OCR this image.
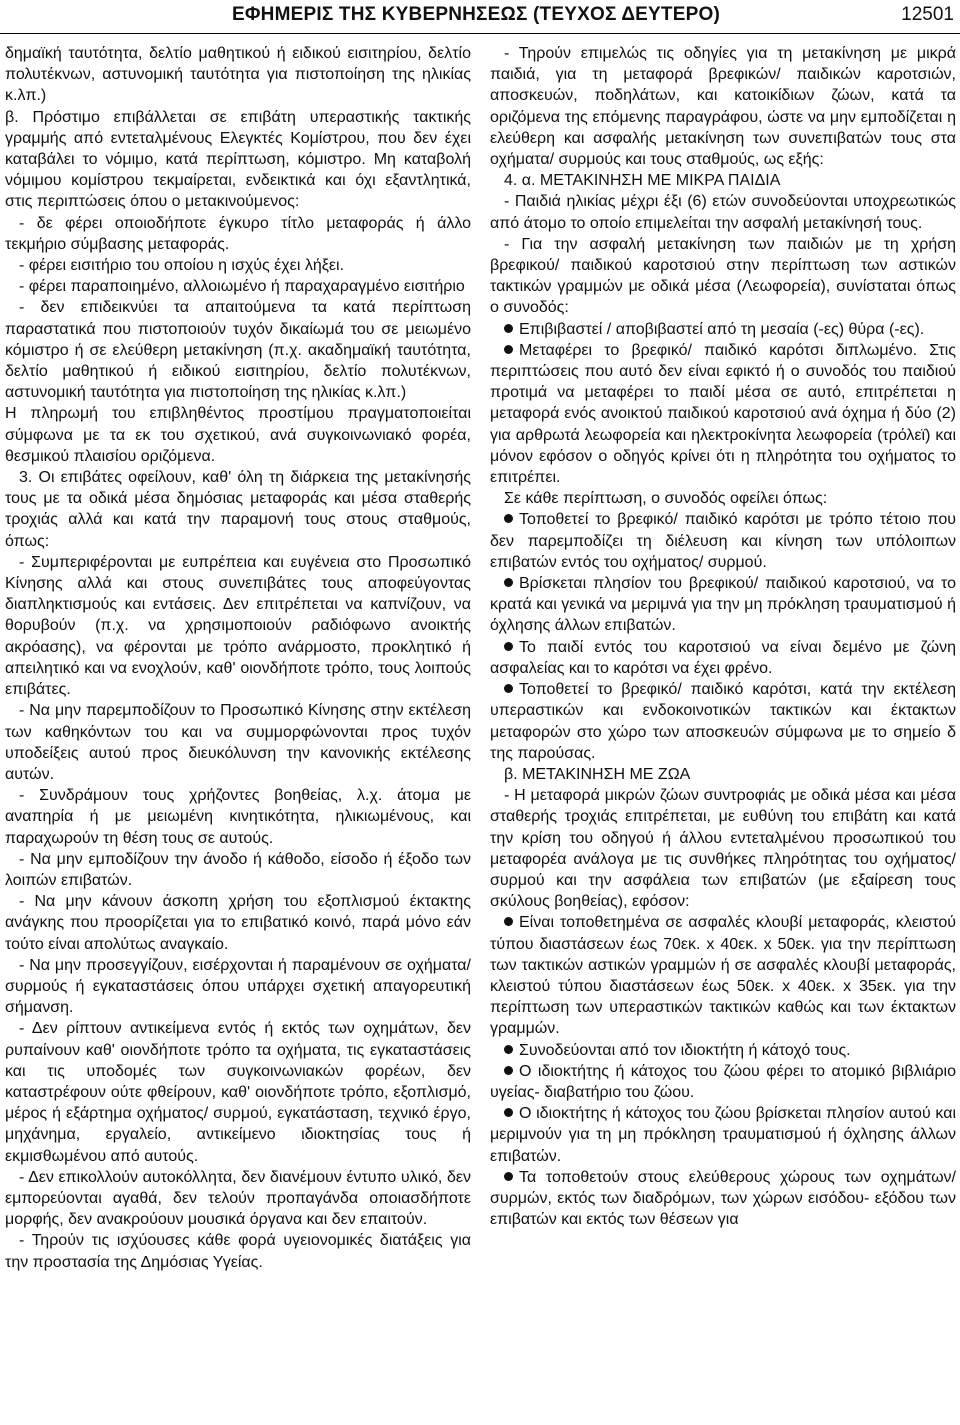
ΕΦΗΜΕΡΙΣ ΤΗΣ ΚΥΒΕΡΝΗΣΕΩΣ (ΤΕΥΧΟΣ ΔΕΥΤΕΡΟ)	12501

δημαϊκή ταυτότητα, δελτίο μαθητικού ή ειδικού εισιτηρίου, δελτίο πολυτέκνων, αστυνομική ταυτότητα για πιστοποίηση της ηλικίας κ.λπ.)

β. Πρόστιμο επιβάλλεται σε επιβάτη υπεραστικής τακτικής γραμμής από εντεταλμένους Ελεγκτές Κομίστρου, που δεν έχει καταβάλει το νόμιμο, κατά περίπτωση, κόμιστρο. Μη καταβολή νόμιμου κομίστρου τεκμαίρεται, ενδεικτικά και όχι εξαντλητικά, στις περιπτώσεις όπου ο μετακινούμενος:

- δε φέρει οποιοδήποτε έγκυρο τίτλο μεταφοράς ή άλλο τεκμήριο σύμβασης μεταφοράς.

- φέρει εισιτήριο του οποίου η ισχύς έχει λήξει.

- φέρει παραποιημένο, αλλοιωμένο ή παραχαραγμένο εισιτήριο

- δεν επιδεικνύει τα απαιτούμενα τα κατά περίπτωση παραστατικά που πιστοποιούν τυχόν δικαίωμά του σε μειωμένο κόμιστρο ή σε ελεύθερη μετακίνηση (π.χ. ακαδημαϊκή ταυτότητα, δελτίο μαθητικού ή ειδικού εισιτηρίου, δελτίο πολυτέκνων, αστυνομική ταυτότητα για πιστοποίηση της ηλικίας κ.λπ.)

Η πληρωμή του επιβληθέντος προστίμου πραγματοποιείται σύμφωνα με τα εκ του σχετικού, ανά συγκοινωνιακό φορέα, θεσμικού πλαισίου οριζόμενα.

3. Οι επιβάτες οφείλουν, καθ' όλη τη διάρκεια της μετακίνησής τους με τα οδικά μέσα δημόσιας μεταφοράς και μέσα σταθερής τροχιάς αλλά και κατά την παραμονή τους στους σταθμούς, όπως:

- Συμπεριφέρονται με ευπρέπεια και ευγένεια στο Προσωπικό Κίνησης αλλά και στους συνεπιβάτες τους αποφεύγοντας διαπληκτισμούς και εντάσεις. Δεν επιτρέπεται να καπνίζουν, να θορυβούν (π.χ. να χρησιμοποιούν ραδιόφωνο ανοικτής ακρόασης), να φέρονται με τρόπο ανάρμοστο, προκλητικό ή απειλητικό και να ενοχλούν, καθ' οιονδήποτε τρόπο, τους λοιπούς επιβάτες.

- Να μην παρεμποδίζουν το Προσωπικό Κίνησης στην εκτέλεση των καθηκόντων του και να συμμορφώνονται προς τυχόν υποδείξεις αυτού προς διευκόλυνση την κανονικής εκτέλεσης αυτών.

- Συνδράμουν τους χρήζοντες βοηθείας, λ.χ. άτομα με αναπηρία ή με μειωμένη κινητικότητα, ηλικιωμένους, και παραχωρούν τη θέση τους σε αυτούς.

- Να μην εμποδίζουν την άνοδο ή κάθοδο, είσοδο ή έξοδο των λοιπών επιβατών.

- Να μην κάνουν άσκοπη χρήση του εξοπλισμού έκτακτης ανάγκης που προορίζεται για το επιβατικό κοινό, παρά μόνο εάν τούτο είναι απολύτως αναγκαίο.

- Να μην προσεγγίζουν, εισέρχονται ή παραμένουν σε οχήματα/ συρμούς ή εγκαταστάσεις όπου υπάρχει σχετική απαγορευτική σήμανση.

- Δεν ρίπτουν αντικείμενα εντός ή εκτός των οχημάτων, δεν ρυπαίνουν καθ' οιονδήποτε τρόπο τα οχήματα, τις εγκαταστάσεις και τις υποδομές των συγκοινωνιακών φορέων, δεν καταστρέφουν ούτε φθείρουν, καθ' οιονδήποτε τρόπο, εξοπλισμό, μέρος ή εξάρτημα οχήματος/ συρμού, εγκατάσταση, τεχνικό έργο, μηχάνημα, εργαλείο, αντικείμενο ιδιοκτησίας τους ή εκμισθωμένου από αυτούς.

- Δεν επικολλούν αυτοκόλλητα, δεν διανέμουν έντυπο υλικό, δεν εμπορεύονται αγαθά, δεν τελούν προπαγάνδα οποιασδήποτε μορφής, δεν ανακρούουν μουσικά όργανα και δεν επαιτούν.

- Τηρούν τις ισχύουσες κάθε φορά υγειονομικές διατάξεις για την προστασία της Δημόσιας Υγείας.

- Τηρούν επιμελώς τις οδηγίες για τη μετακίνηση με μικρά παιδιά, για τη μεταφορά βρεφικών/ παιδικών καροτσιών, αποσκευών, ποδηλάτων, και κατοικίδιων ζώων, κατά τα οριζόμενα της επόμενης παραγράφου, ώστε να μην εμποδίζεται η ελεύθερη και ασφαλής μετακίνηση των συνεπιβατών τους στα οχήματα/ συρμούς και τους σταθμούς, ως εξής:

4. α. ΜΕΤΑΚΙΝΗΣΗ ΜΕ ΜΙΚΡΑ ΠΑΙΔΙΑ

- Παιδιά ηλικίας μέχρι έξι (6) ετών συνοδεύονται υποχρεωτικώς από άτομο το οποίο επιμελείται την ασφαλή μετακίνησή τους.

- Για την ασφαλή μετακίνηση των παιδιών με τη χρήση βρεφικού/ παιδικού καροτσιού στην περίπτωση των αστικών τακτικών γραμμών με οδικά μέσα (Λεωφορεία), συνίσταται όπως ο συνοδός:

Επιβιβαστεί / αποβιβαστεί από τη μεσαία (-ες) θύρα (-ες).

Μεταφέρει το βρεφικό/ παιδικό καρότσι διπλωμένο. Στις περιπτώσεις που αυτό δεν είναι εφικτό ή ο συνοδός του παιδιού προτιμά να μεταφέρει το παιδί μέσα σε αυτό, επιτρέπεται η μεταφορά ενός ανοικτού παιδικού καροτσιού ανά όχημα ή δύο (2) για αρθρωτά λεωφορεία και ηλεκτροκίνητα λεωφορεία (τρόλεϊ) και μόνον εφόσον ο οδηγός κρίνει ότι η πληρότητα του οχήματος το επιτρέπει.

Σε κάθε περίπτωση, ο συνοδός οφείλει όπως:

Τοποθετεί το βρεφικό/ παιδικό καρότσι με τρόπο τέτοιο που δεν παρεμποδίζει τη διέλευση και κίνηση των υπόλοιπων επιβατών εντός του οχήματος/ συρμού.

Βρίσκεται πλησίον του βρεφικού/ παιδικού καροτσιού, να το κρατά και γενικά να μεριμνά για την μη πρόκληση τραυματισμού ή όχλησης άλλων επιβατών.

Το παιδί εντός του καροτσιού να είναι δεμένο με ζώνη ασφαλείας και το καρότσι να έχει φρένο.

Τοποθετεί το βρεφικό/ παιδικό καρότσι, κατά την εκτέλεση υπεραστικών και ενδοκοινοτικών τακτικών και έκτακτων μεταφορών στο χώρο των αποσκευών σύμφωνα με το σημείο δ της παρούσας.

β. ΜΕΤΑΚΙΝΗΣΗ ΜΕ ΖΩΑ

- Η μεταφορά μικρών ζώων συντροφιάς με οδικά μέσα και μέσα σταθερής τροχιάς επιτρέπεται, με ευθύνη του επιβάτη και κατά την κρίση του οδηγού ή άλλου εντεταλμένου προσωπικού του μεταφορέα ανάλογα με τις συνθήκες πληρότητας του οχήματος/ συρμού και την ασφάλεια των επιβατών (με εξαίρεση τους σκύλους βοηθείας), εφόσον:

Είναι τοποθετημένα σε ασφαλές κλουβί μεταφοράς, κλειστού τύπου διαστάσεων έως 70εκ. x 40εκ. x 50εκ. για την περίπτωση των τακτικών αστικών γραμμών ή σε ασφαλές κλουβί μεταφοράς, κλειστού τύπου διαστάσεων έως 50εκ. x 40εκ. x 35εκ. για την περίπτωση των υπεραστικών τακτικών καθώς και των έκτακτων γραμμών.

Συνοδεύονται από τον ιδιοκτήτη ή κάτοχό τους.

Ο ιδιοκτήτης ή κάτοχος του ζώου φέρει το ατομικό βιβλιάριο υγείας- διαβατήριο του ζώου.

Ο ιδιοκτήτης ή κάτοχος του ζώου βρίσκεται πλησίον αυτού και μεριμνούν για τη μη πρόκληση τραυματισμού ή όχλησης άλλων επιβατών.

Τα τοποθετούν στους ελεύθερους χώρους των οχημάτων/ συρμών, εκτός των διαδρόμων, των χώρων εισόδου- εξόδου των επιβατών και εκτός των θέσεων για
